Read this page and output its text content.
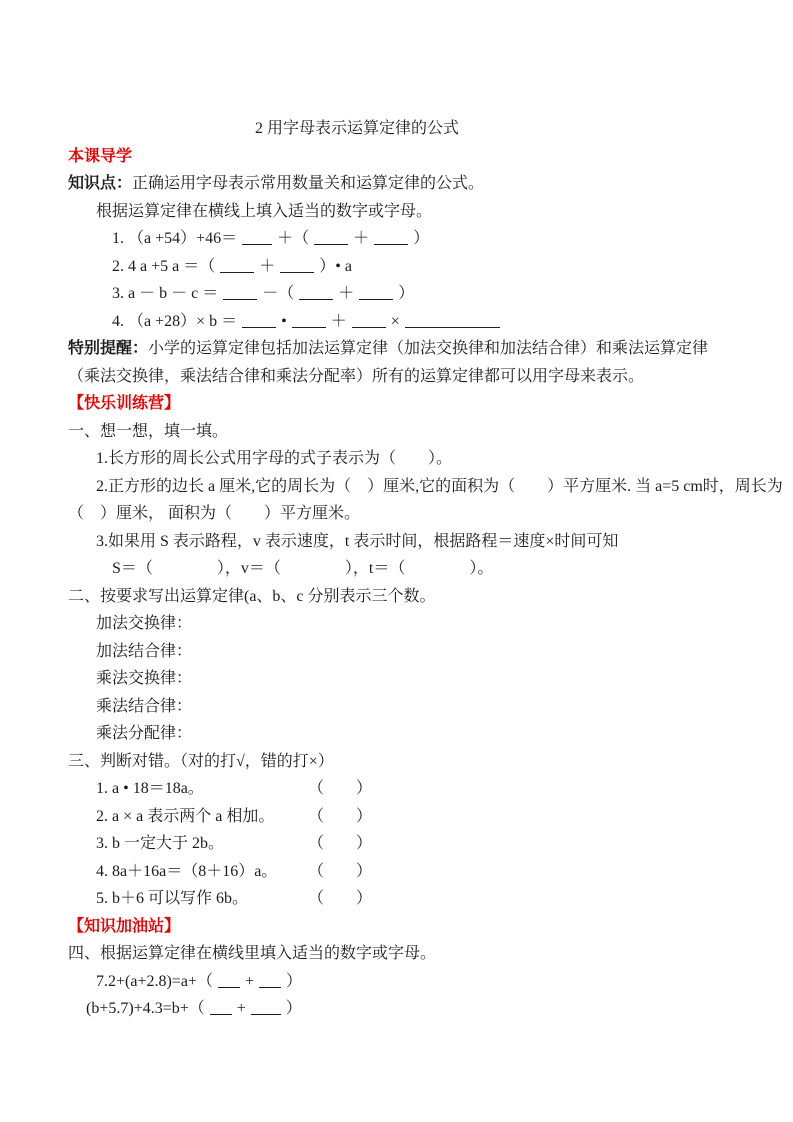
2 用字母表示运算定律的公式
本课导学
知识点：正确运用字母表示常用数量关和运算定律的公式。
根据运算定律在横线上填入适当的数字或字母。
1. （a +54）+46＝	＋（	＋	）
2. 4 a +5 a ＝（	＋	）• a
3. a － b － c ＝	－（	＋	）
4. （a +28）× b ＝	•	＋	×
特别提醒：小学的运算定律包括加法运算定律（加法交换律和加法结合律）和乘法运算定律（乘法交换律，乘法结合律和乘法分配率）所有的运算定律都可以用字母来表示。
【快乐训练营】
一、想一想，填一填。
1.长方形的周长公式用字母的式子表示为（　　）。
2.正方形的边长 a 厘米,它的周长为（　）厘米,它的面积为（　　）平方厘米. 当 a=5 cm时，周长为
（　）厘米， 面积为（　　）平方厘米。
3.如果用 S 表示路程，v 表示速度，t 表示时间，根据路程＝速度×时间可知
S＝（　　　　），v＝（　　　　），t＝（　　　　）。
二、按要求写出运算定律(a、b、c 分别表示三个数。
加法交换律：
加法结合律：
乘法交换律：
乘法结合律：
乘法分配律：
三、判断对错。（对的打√，错的打×）
1. a • 18＝18a。	（　　）
2. a × a 表示两个 a 相加。	（　　）
3. b 一定大于 2b。	（　　）
4. 8a＋16a＝（8＋16）a。	（　　）
5. b＋6 可以写作 6b。	（　　）
【知识加油站】
四、根据运算定律在横线里填入适当的数字或字母。
7.2+(a+2.8)=a+（ + ）
(b+5.7)+4.3=b+（ +	）
